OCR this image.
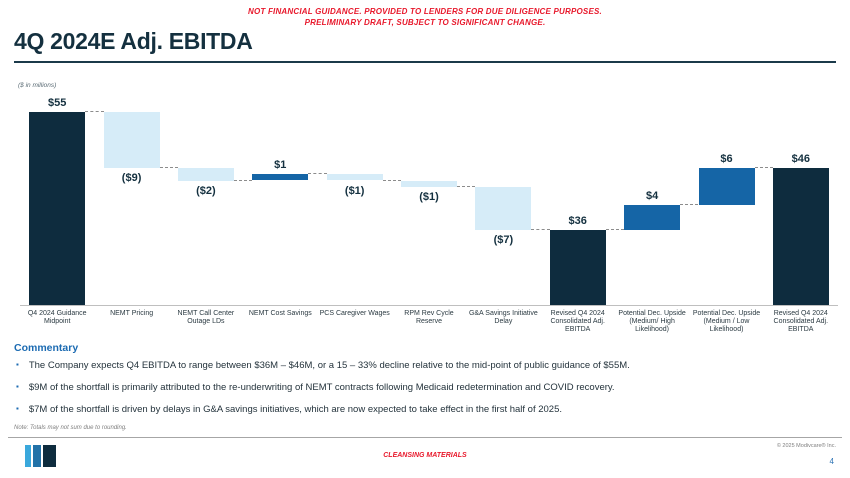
NOT FINANCIAL GUIDANCE. PROVIDED TO LENDERS FOR DUE DILIGENCE PURPOSES.
PRELIMINARY DRAFT, SUBJECT TO SIGNIFICANT CHANGE.
4Q 2024E Adj. EBITDA
($ in millions)
$55
Q4 2024 Guidance Midpoint
($9)
NEMT Pricing
($2)
NEMT Call Center Outage LDs
$1
NEMT Cost Savings
($1)
PCS Caregiver Wages
($1)
RPM Rev Cycle Reserve
($7)
G&A Savings Initiative Delay
$36
Revised Q4 2024 Consolidated Adj. EBITDA
$4
Potential Dec. Upside (Medium/ High Likelihood)
$6
Potential Dec. Upside (Medium / Low Likelihood)
$46
Revised Q4 2024 Consolidated Adj. EBITDA
Commentary
▪ The Company expects Q4 EBITDA to range between $36M – $46M, or a 15 – 33% decline relative to the mid-point of public guidance of $55M.
▪ $9M of the shortfall is primarily attributed to the re-underwriting of NEMT contracts following Medicaid redetermination and COVID recovery.
▪ $7M of the shortfall is driven by delays in G&A savings initiatives, which are now expected to take effect in the first half of 2025.
Note: Totals may not sum due to rounding.
CLEANSING MATERIALS
© 2025 Modivcare® Inc.
4
